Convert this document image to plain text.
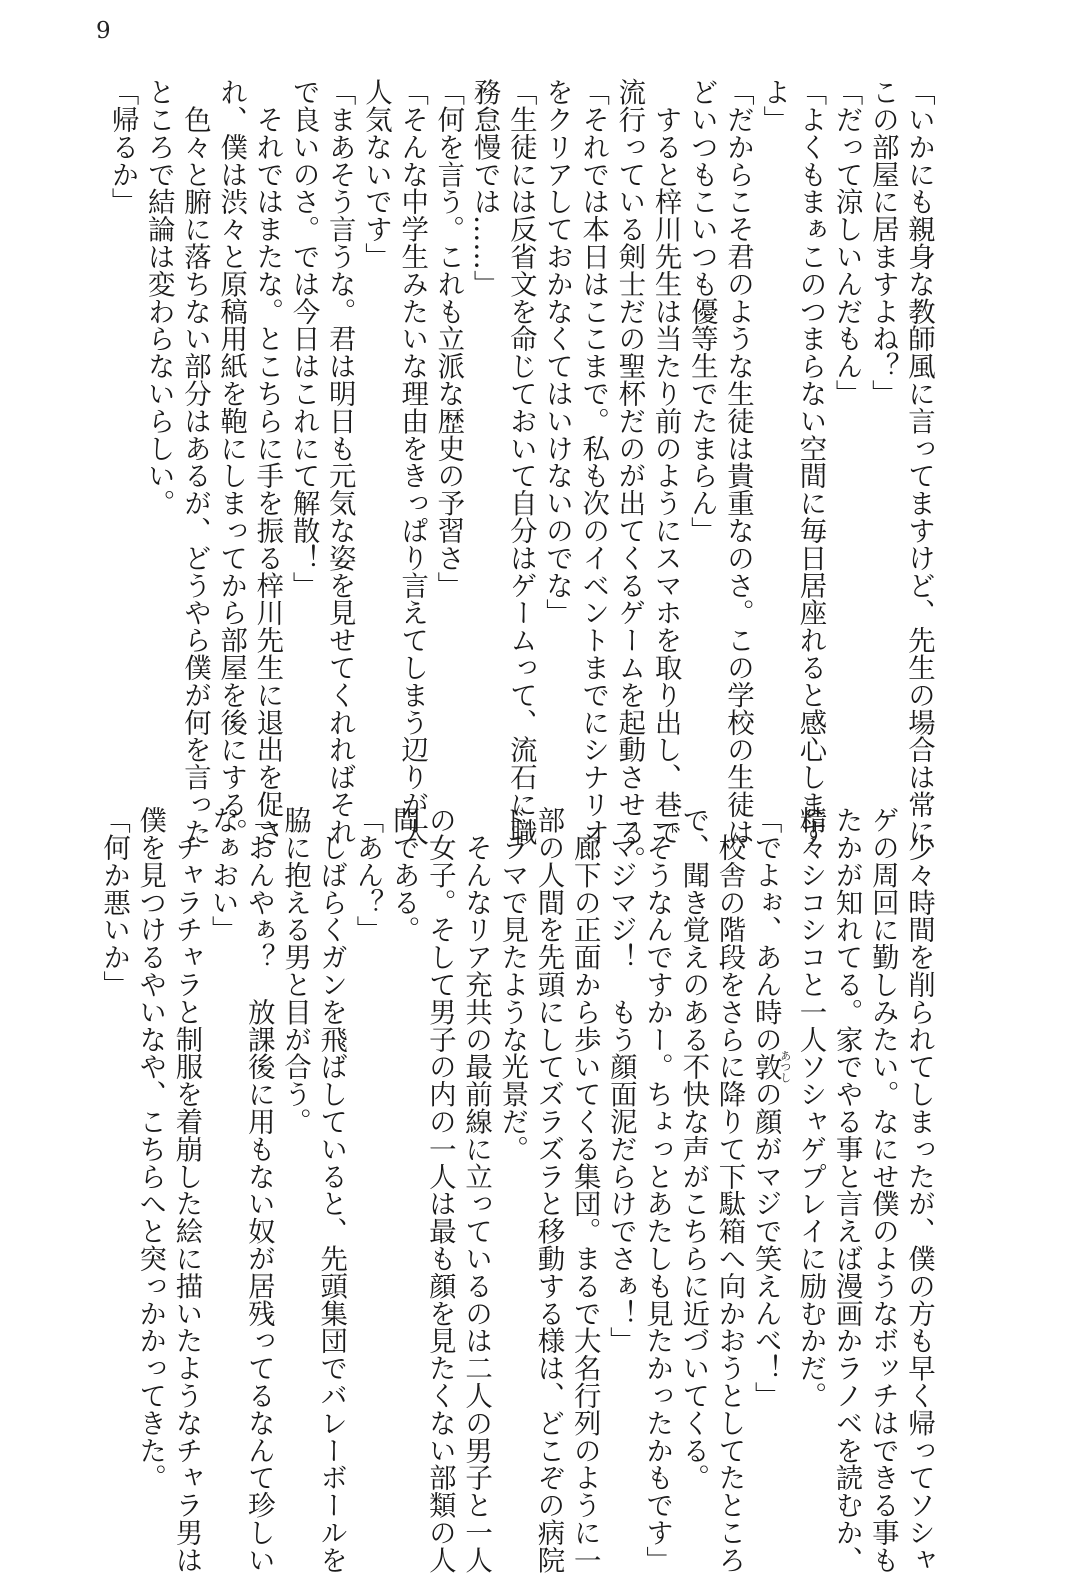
9
「いかにも親身な教師風に言ってますけど、先生の場合は常に
この部屋に居ますよね？」
「だって涼しいんだもん」
「よくもまぁこのつまらない空間に毎日居座れると感心します
よ」
「だからこそ君のような生徒は貴重なのさ。この学校の生徒は
どいつもこいつも優等生でたまらん」
　すると梓川先生は当たり前のようにスマホを取り出し、巷で
流行っている剣士だの聖杯だのが出てくるゲームを起動させる。
「それでは本日はここまで。私も次のイベントまでにシナリオ
をクリアしておかなくてはいけないのでな」
「生徒には反省文を命じておいて自分はゲームって、流石に職
務怠慢では……」
「何を言う。これも立派な歴史の予習さ」
「そんな中学生みたいな理由をきっぱり言えてしまう辺りが大
人気ないです」
「まあそう言うな。君は明日も元気な姿を見せてくれればそれ
で良いのさ。では今日はこれにて解散！」
　それではまたな。とこちらに手を振る梓川先生に退出を促さ
れ、僕は渋々と原稿用紙を鞄にしまってから部屋を後にする。
　色々と腑に落ちない部分はあるが、どうやら僕が何を言った
ところで結論は変わらないらしい。
「帰るか」
　少々時間を削られてしまったが、僕の方も早く帰ってソシャ
ゲの周回に勤しみたい。なにせ僕のようなボッチはできる事も
たかが知れてる。家でやる事と言えば漫画かラノベを読むか、
精々シコシコと一人ソシャゲプレイに励むかだ。
「でよぉ、あん時の敦あつしの顔がマジで笑えんべ！」
　校舎の階段をさらに降りて下駄箱へ向かおうとしてたところ
で、聞き覚えのある不快な声がこちらに近づいてくる。
「そうなんですかー。ちょっとあたしも見たかったかもです」
「マジマジ！　もう顔面泥だらけでさぁ！」
　廊下の正面から歩いてくる集団。まるで大名行列のように一
部の人間を先頭にしてズラズラと移動する様は、どこぞの病院
ドラマで見たような光景だ。
　そんなリア充共の最前線に立っているのは二人の男子と一人
の女子。そして男子の内の一人は最も顔を見たくない部類の人
間である。
「あん？」
　しばらくガンを飛ばしていると、先頭集団でバレーボールを
脇に抱える男と目が合う。
「おんやぁ？　放課後に用もない奴が居残ってるなんて珍しい
なぁおい」
　チャラチャラと制服を着崩した絵に描いたようなチャラ男は
僕を見つけるやいなや、こちらへと突っかかってきた。
「何か悪いか」
